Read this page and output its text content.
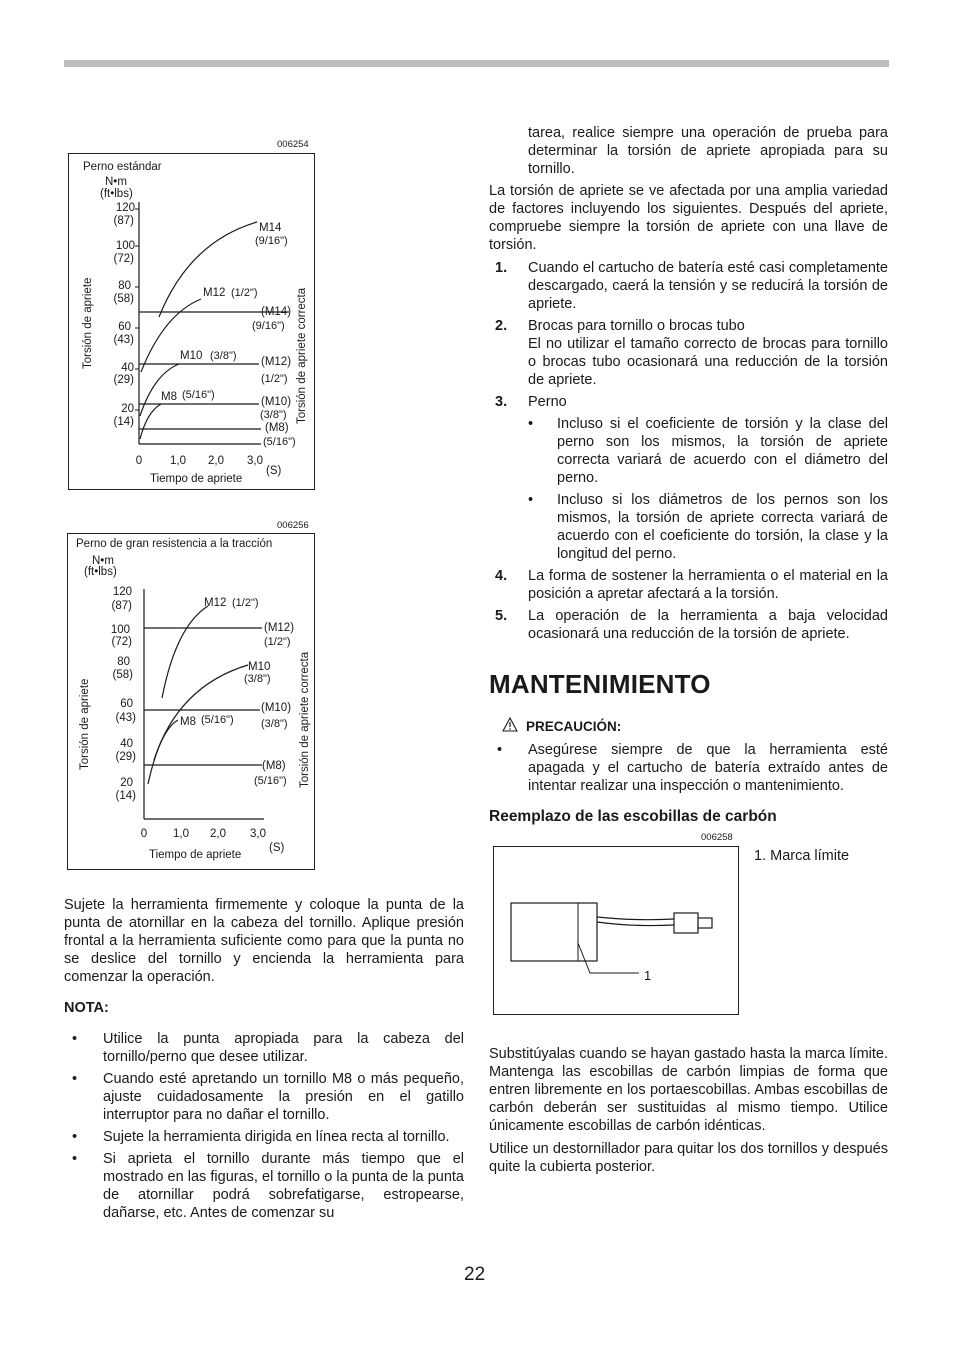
006254
Perno estándar
N•m
(ft•lbs)
120
(87)
100
(72)
80
(58)
60
(43)
40
(29)
20
(14)
0 1,0 2,0 3,0
(S)
Tiempo de apriete
Torsión de apriete	Torsión de apriete correcta
M14
(9/16")
M12 (1/2")
M10 (3/8")
M8 (5/16")
(M14)
(9/16")
(M12)
(1/2")
(M10)
(3/8")
(M8)
(5/16")
006256
Perno de gran resistencia a la tracción
N•m
(ft•lbs)
120
(87)
100
(72)
80
(58)
60
(43)
40
(29)
20
(14)
0 1,0 2,0 3,0
(S)
Tiempo de apriete
Torsión de apriete	Torsión de apriete correcta
M12 (1/2")
M10
(3/8")
M8 (5/16")
(M12)
(1/2")
(M10)
(3/8")
(M8)
(5/16")

Sujete la herramienta firmemente y coloque la punta de la punta de atornillar en la cabeza del tornillo. Aplique presión frontal a la herramienta suficiente como para que la punta no se deslice del tornillo y encienda la herramienta para comenzar la operación.

NOTA:

• Utilice la punta apropiada para la cabeza del tornillo/perno que desee utilizar.
• Cuando esté apretando un tornillo M8 o más pequeño, ajuste cuidadosamente la presión en el gatillo interruptor para no dañar el tornillo.
• Sujete la herramienta dirigida en línea recta al tornillo.
• Si aprieta el tornillo durante más tiempo que el mostrado en las figuras, el tornillo o la punta de la punta de atornillar podrá sobrefatigarse, estropearse, dañarse, etc. Antes de comenzar su

tarea, realice siempre una operación de prueba para determinar la torsión de apriete apropiada para su tornillo.

La torsión de apriete se ve afectada por una amplia variedad de factores incluyendo los siguientes. Después del apriete, compruebe siempre la torsión de apriete con una llave de torsión.

1.	Cuando el cartucho de batería esté casi completamente descargado, caerá la tensión y se reducirá la torsión de apriete.
2.	Brocas para tornillo o brocas tubo
El no utilizar el tamaño correcto de brocas para tornillo o brocas tubo ocasionará una reducción de la torsión de apriete.
3.	Perno
• Incluso si el coeficiente de torsión y la clase del perno son los mismos, la torsión de apriete correcta variará de acuerdo con el diámetro del perno.
• Incluso si los diámetros de los pernos son los mismos, la torsión de apriete correcta variará de acuerdo con el coeficiente do torsión, la clase y la longitud del perno.
4.	La forma de sostener la herramienta o el material en la posición a apretar afectará a la torsión.
5.	La operación de la herramienta a baja velocidad ocasionará una reducción de la torsión de apriete.
MANTENIMIENTO
PRECAUCIÓN:
• Asegúrese siempre de que la herramienta esté apagada y el cartucho de batería extraído antes de intentar realizar una inspección o mantenimiento.
Reemplazo de las escobillas de carbón
006258
1
1. Marca límite

Substitúyalas cuando se hayan gastado hasta la marca límite. Mantenga las escobillas de carbón limpias de forma que entren libremente en los portaescobillas. Ambas escobillas de carbón deberán ser sustituidas al mismo tiempo. Utilice únicamente escobillas de carbón idénticas.

Utilice un destornillador para quitar los dos tornillos y después quite la cubierta posterior.

22
